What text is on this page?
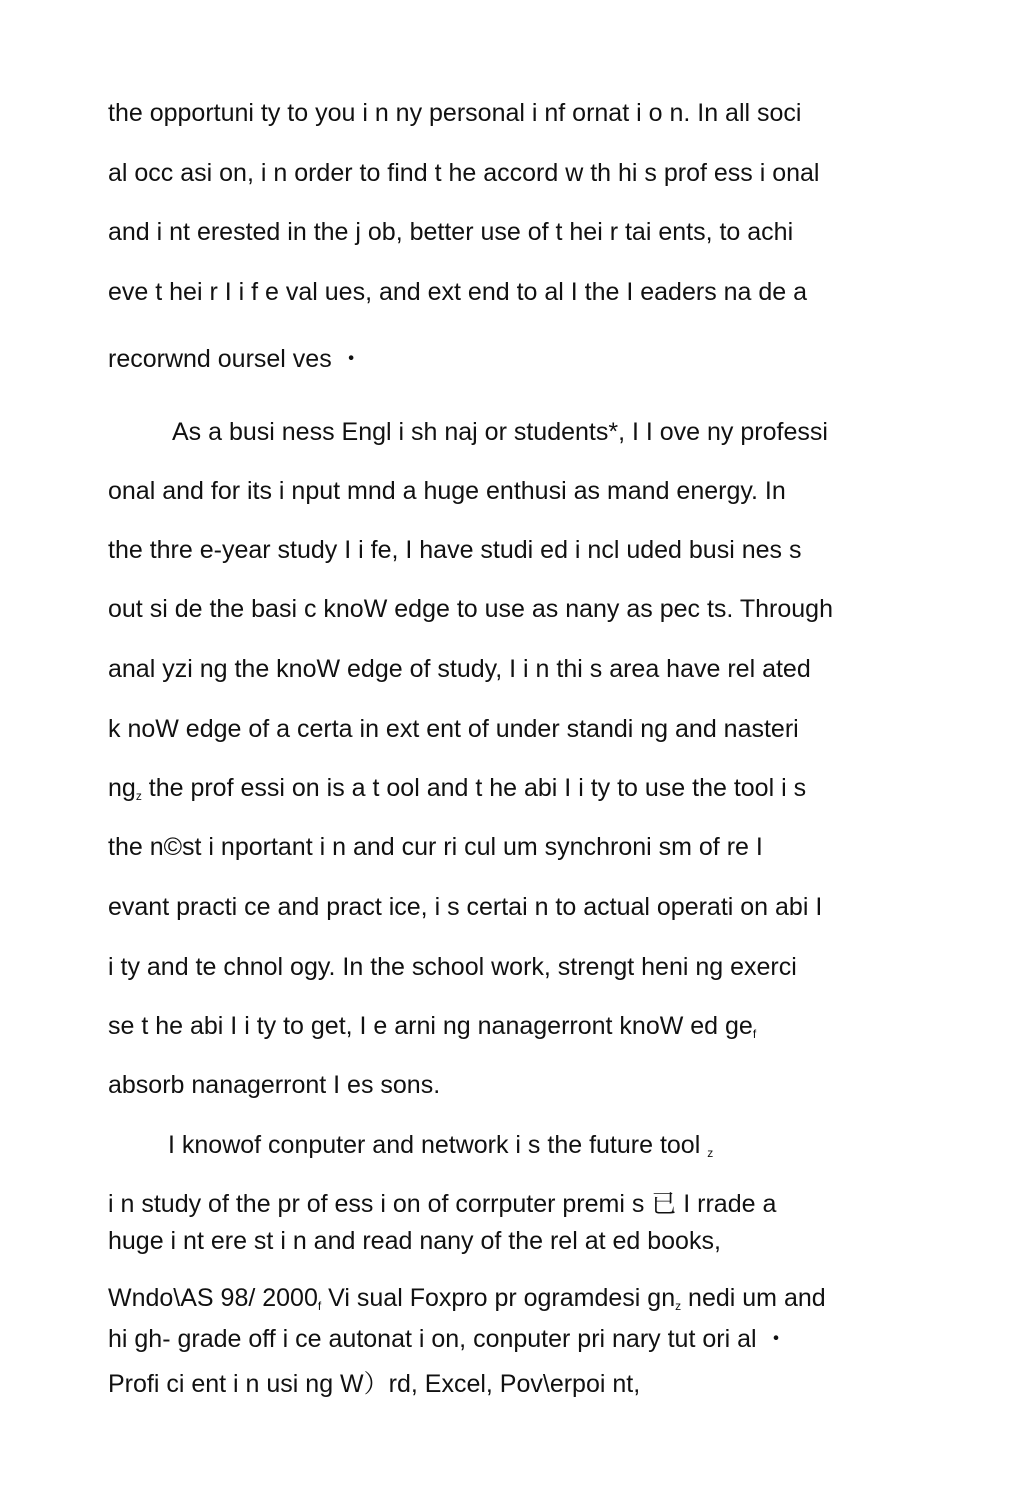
the opportuni ty to you i n ny personal i nf ornat i o n. In all soci
al occ asi on, i n order to find t he accord w th hi s prof ess i onal
and i nt erested in the j ob, better use of t hei r tai ents, to achi
eve t hei r I i f e val ues, and ext end to al I the I eaders na de a
recorwnd oursel ves ・
As a busi ness Engl i sh naj or students*, I I ove ny professi
onal and for its i nput mnd a huge enthusi as mand energy. In
the thre e-year study I i fe, I have studi ed i ncl uded busi nes s
out si de the basi c knoW edge to use as nany as pec ts. Through
anal yzi ng the knoW edge of study, I i n thi s area have rel ated
k noW edge of a certa in ext ent of under standi ng and nasteri
$ng_z$ the prof essi on is a t ool and t he abi I i ty to use the tool i s
the n©st i nportant i n and cur ri cul um synchroni sm of re I
evant practi ce and pract ice, i s certai n to actual operati on abi I
i ty and te chnol ogy. In the school work, strengt heni ng exerci
se t he abi I i ty to get, I e arni ng nanagerront knoW ed $ge_f$
absorb nanagerront I es sons.
I knowof conputer and network i s the future tool $_z$
i n study of the pr of ess i on of corrputer premi s 已 I rrade a
huge i nt ere st i n and read nany of the rel at ed books,
Wndo\AS 98/ $2000_f$ Vi sual Foxpro pr ogramdesi $gn_z$ nedi um and
hi gh- grade off i ce autonat i on, conputer pri nary tut ori al ・
Profi ci ent i n usi ng W）rd, Excel, Pov\erpoi nt,
